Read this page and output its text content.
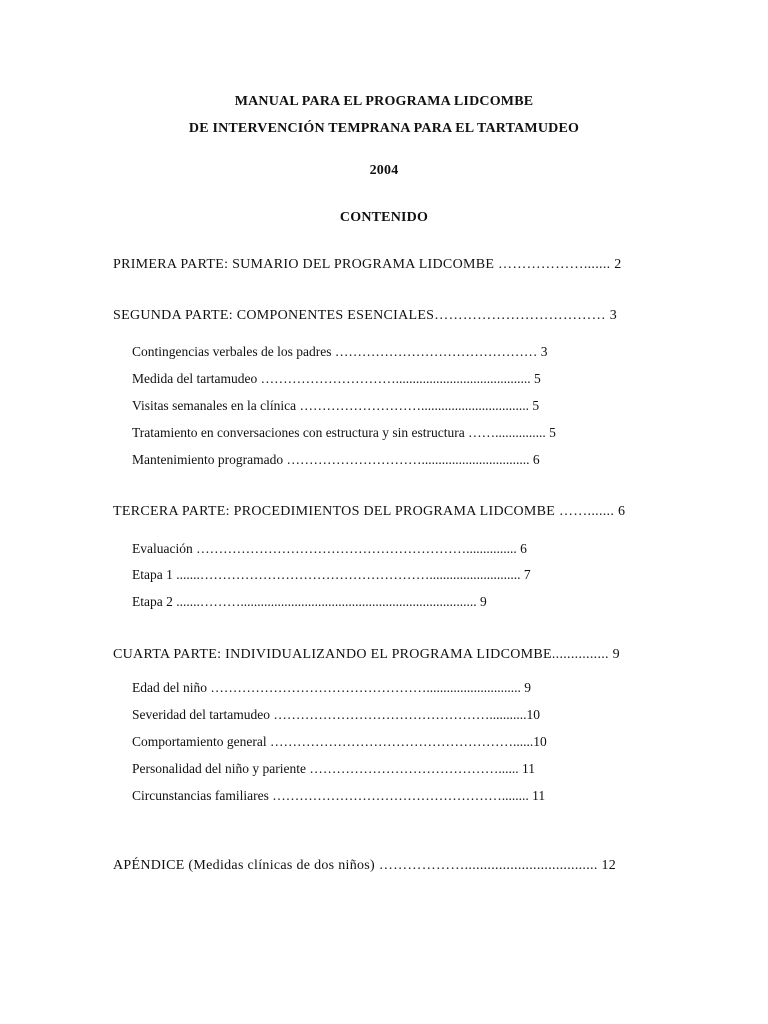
MANUAL PARA EL PROGRAMA LIDCOMBE
DE INTERVENCIÓN TEMPRANA PARA EL TARTAMUDEO
2004
CONTENIDO
PRIMERA PARTE: SUMARIO DEL PROGRAMA LIDCOMBE ………………....... 2
SEGUNDA PARTE: COMPONENTES ESENCIALES……………………………… 3
Contingencias verbales de los padres ……………………………………… 3
Medida del tartamudeo …………………………........................................ 5
Visitas semanales en la clínica ………………………................................ 5
Tratamiento en conversaciones con estructura y sin estructura ……............... 5
Mantenimiento programado …………………………................................ 6
TERCERA PARTE: PROCEDIMIENTOS DEL PROGRAMA LIDCOMBE ……....... 6
Evaluación ……………………………………………………............... 6
Etapa 1 .......……………………………………………........................... 7
Etapa 2 .......………...................................................................... 9
CUARTA PARTE: INDIVIDUALIZANDO EL PROGRAMA LIDCOMBE............... 9
Edad del niño …………………………………………............................ 9
Severidad del tartamudeo …………………………………………...........10
Comportamiento general ………………………………………………......10
Personalidad del niño y pariente ……………………………………...... 11
Circunstancias familiares ……………………………………………........ 11
APÉNDICE (Medidas clínicas de dos niños) ………………................................... 12
